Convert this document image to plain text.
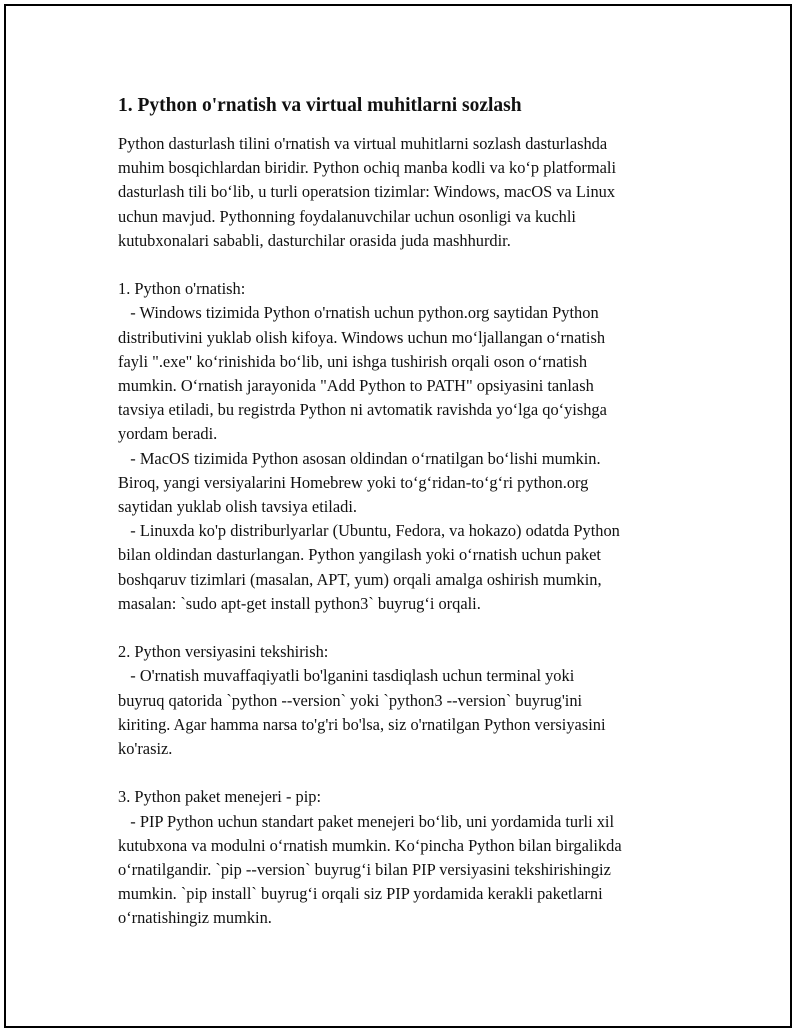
1. Python o'rnatish va virtual muhitlarni sozlash
Python dasturlash tilini o'rnatish va virtual muhitlarni sozlash dasturlashda
muhim bosqichlardan biridir. Python ochiq manba kodli va ko‘p platformali
dasturlash tili bo‘lib, u turli operatsion tizimlar: Windows, macOS va Linux
uchun mavjud. Pythonning foydalanuvchilar uchun osonligi va kuchli
kutubxonalari sababli, dasturchilar orasida juda mashhurdir.
1. Python o'rnatish:
- Windows tizimida Python o'rnatish uchun python.org saytidan Python
distributivini yuklab olish kifoya. Windows uchun mo‘ljallangan o‘rnatish
fayli ".exe" ko‘rinishida bo‘lib, uni ishga tushirish orqali oson o‘rnatish
mumkin. O‘rnatish jarayonida "Add Python to PATH" opsiyasini tanlash
tavsiya etiladi, bu registrda Python ni avtomatik ravishda yo‘lga qo‘yishga
yordam beradi.
- MacOS tizimida Python asosan oldindan o‘rnatilgan bo‘lishi mumkin.
Biroq, yangi versiyalarini Homebrew yoki to‘g‘ridan-to‘g‘ri python.org
saytidan yuklab olish tavsiya etiladi.
- Linuxda ko'p distriburlyarlar (Ubuntu, Fedora, va hokazo) odatda Python
bilan oldindan dasturlangan. Python yangilash yoki o‘rnatish uchun paket
boshqaruv tizimlari (masalan, APT, yum) orqali amalga oshirish mumkin,
masalan: `sudo apt-get install python3` buyrug‘i orqali.
2. Python versiyasini tekshirish:
- O'rnatish muvaffaqiyatli bo'lganini tasdiqlash uchun terminal yoki
buyruq qatorida `python --version` yoki `python3 --version` buyrug'ini
kiriting. Agar hamma narsa to'g'ri bo'lsa, siz o'rnatilgan Python versiyasini
ko'rasiz.
3. Python paket menejeri - pip:
- PIP Python uchun standart paket menejeri bo‘lib, uni yordamida turli xil
kutubxona va modulni o‘rnatish mumkin. Ko‘pincha Python bilan birgalikda
o‘rnatilgandir. `pip --version` buyrug‘i bilan PIP versiyasini tekshirishingiz
mumkin. `pip install` buyrug‘i orqali siz PIP yordamida kerakli paketlarni
o‘rnatishingiz mumkin.
